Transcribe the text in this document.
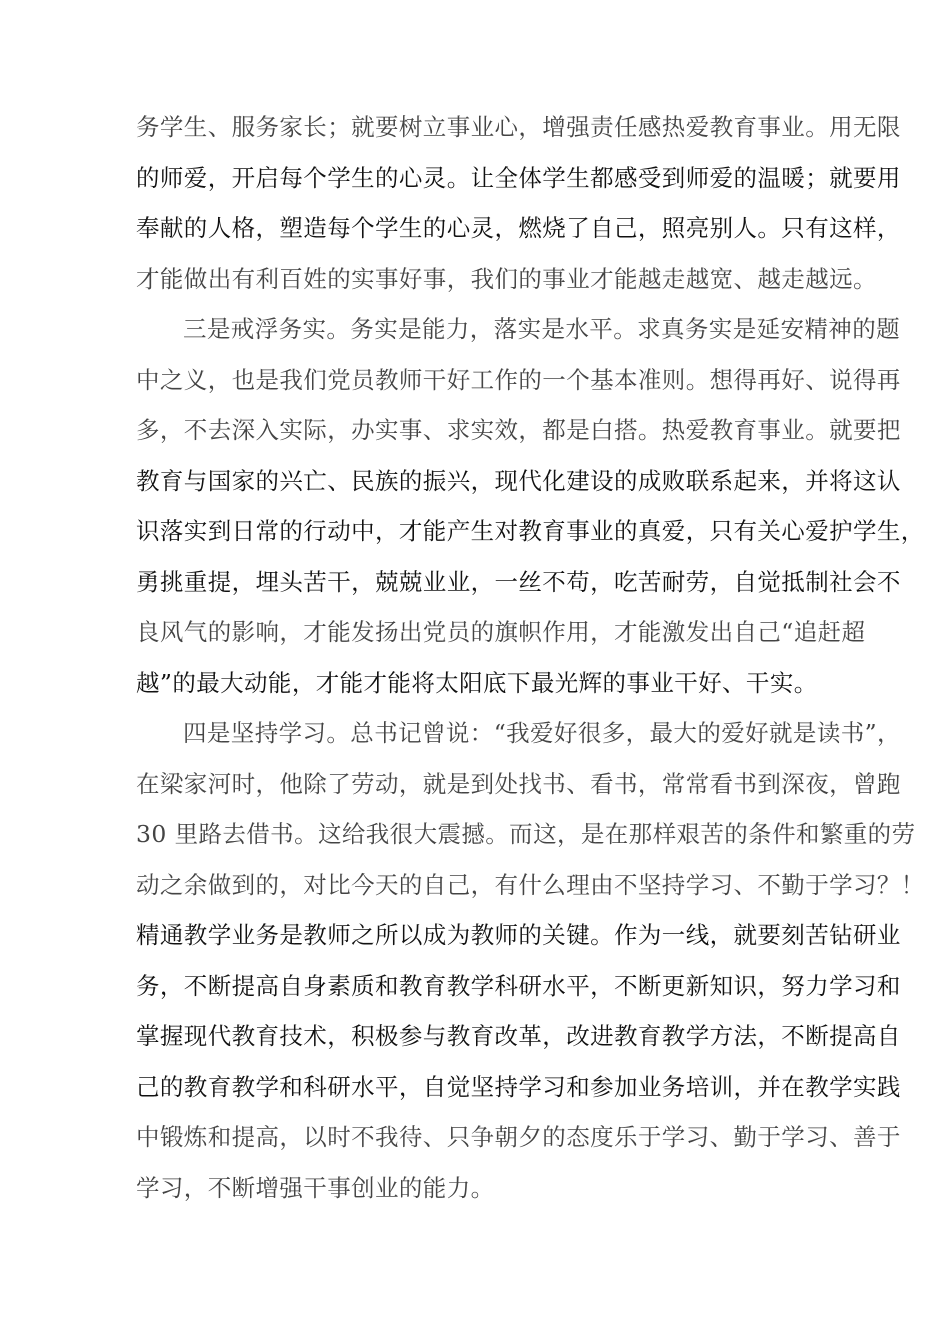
务学生、服务家长；就要树立事业心，增强责任感热爱教育事业。用无限
的师爱，开启每个学生的心灵。让全体学生都感受到师爱的温暖；就要用
奉献的人格，塑造每个学生的心灵，燃烧了自己，照亮别人。只有这样，
才能做出有利百姓的实事好事，我们的事业才能越走越宽、越走越远。
三是戒浮务实。务实是能力，落实是水平。求真务实是延安精神的题
中之义，也是我们党员教师干好工作的一个基本准则。想得再好、说得再
多，不去深入实际，办实事、求实效，都是白搭。热爱教育事业。就要把
教育与国家的兴亡、民族的振兴，现代化建设的成败联系起来，并将这认
识落实到日常的行动中，才能产生对教育事业的真爱，只有关心爱护学生，
勇挑重提，埋头苦干，兢兢业业，一丝不苟，吃苦耐劳，自觉抵制社会不
良风气的影响，才能发扬出党员的旗帜作用，才能激发出自己“追赶超
越”的最大动能，才能才能将太阳底下最光辉的事业干好、干实。
四是坚持学习。总书记曾说：“我爱好很多，最大的爱好就是读书”，
在梁家河时，他除了劳动，就是到处找书、看书，常常看书到深夜，曾跑
30 里路去借书。这给我很大震撼。而这，是在那样艰苦的条件和繁重的劳
动之余做到的，对比今天的自己，有什么理由不坚持学习、不勤于学习？！
精通教学业务是教师之所以成为教师的关键。作为一线，就要刻苦钻研业
务，不断提高自身素质和教育教学科研水平，不断更新知识，努力学习和
掌握现代教育技术，积极参与教育改革，改进教育教学方法，不断提高自
己的教育教学和科研水平，自觉坚持学习和参加业务培训，并在教学实践
中锻炼和提高，以时不我待、只争朝夕的态度乐于学习、勤于学习、善于
学习，不断增强干事创业的能力。
